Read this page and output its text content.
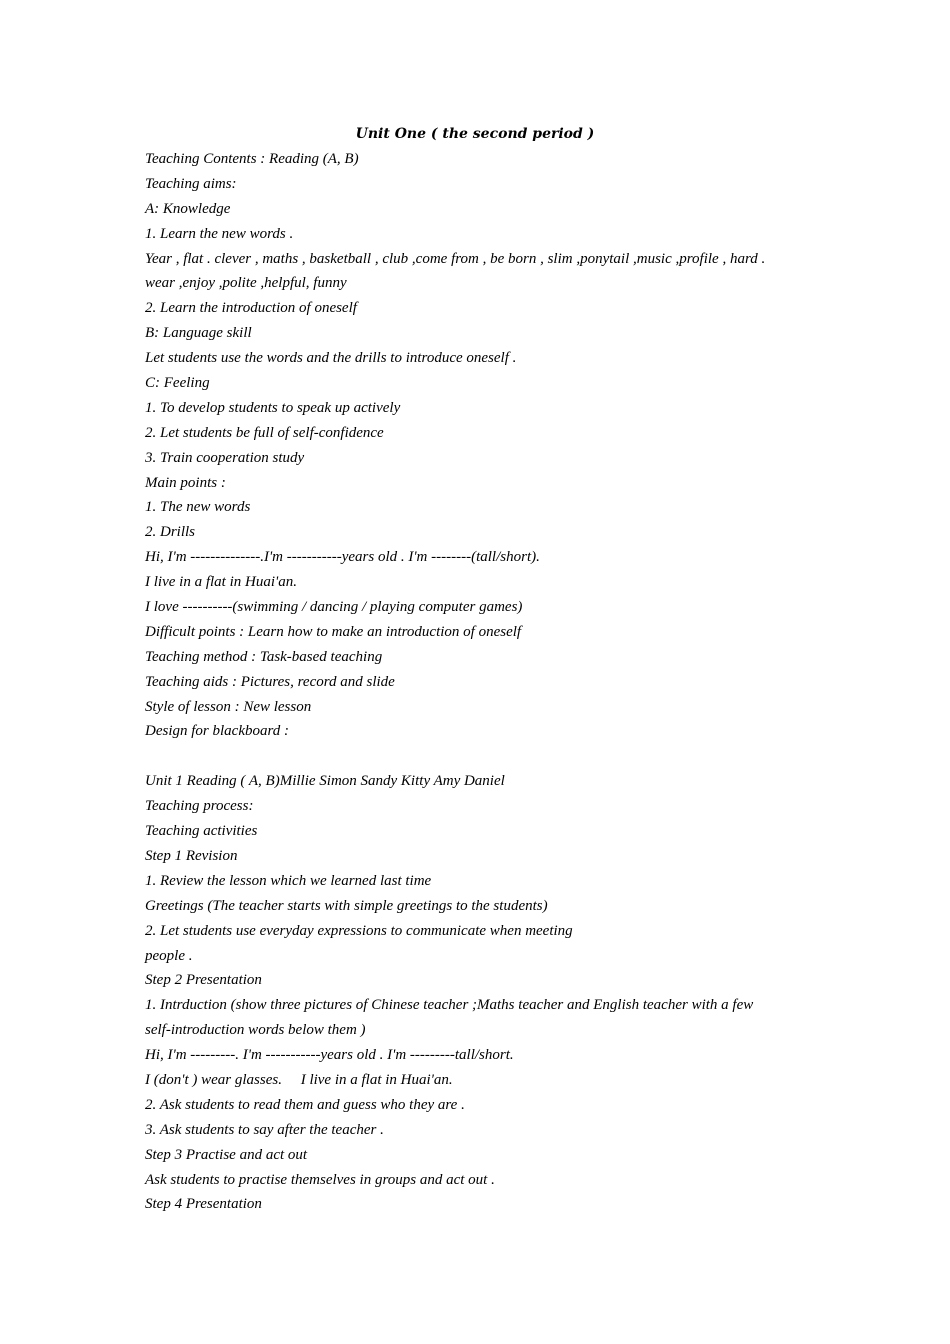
Unit One ( the second period )
Teaching Contents : Reading (A, B)
Teaching aims:
A: Knowledge
1. Learn the new words .
Year , flat . clever , maths , basketball , club ,come from , be born , slim ,ponytail ,music ,profile , hard .
wear ,enjoy ,polite ,helpful, funny
2. Learn the introduction of oneself
B: Language skill
Let students use the words and the drills to introduce oneself .
C: Feeling
1. To develop students to speak up actively
2. Let students be full of self-confidence
3. Train cooperation study
Main points :
1. The new words
2. Drills
Hi, I'm --------------.I'm -----------years old . I'm --------(tall/short).
I live in a flat in Huai'an.
I love ----------(swimming / dancing / playing computer games)
Difficult points : Learn how to make an introduction of oneself
Teaching method : Task-based teaching
Teaching aids : Pictures, record and slide
Style of lesson : New lesson
Design for blackboard :
Unit 1 Reading ( A, B)Millie Simon Sandy Kitty Amy Daniel
Teaching process:
Teaching activities
Step 1 Revision
1. Review the lesson which we learned last time
Greetings (The teacher starts with simple greetings to the students)
2. Let students use everyday expressions to communicate when meeting
people .
Step 2 Presentation
1. Intrduction (show three pictures of Chinese teacher ;Maths teacher and English teacher with a few
self-introduction words below them )
Hi, I'm ---------. I'm -----------years old . I'm ---------tall/short.
I (don't ) wear glasses.     I live in a flat in Huai'an.
2. Ask students to read them and guess who they are .
3. Ask students to say after the teacher .
Step 3 Practise and act out
Ask students to practise themselves in groups and act out .
Step 4 Presentation
